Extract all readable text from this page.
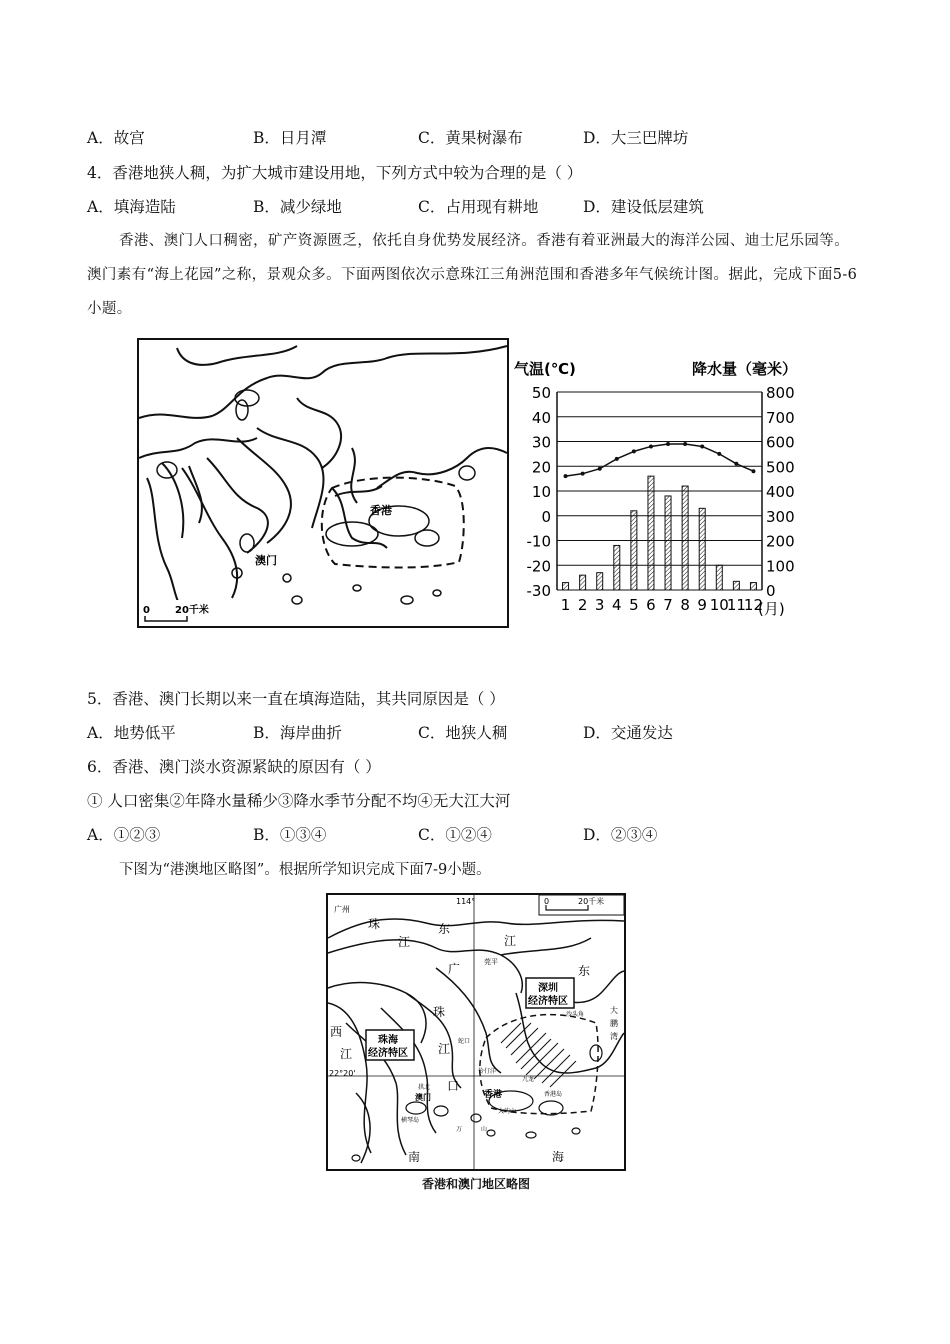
A．故宫	B．日月潭	C．黄果树瀑布	D．大三巴牌坊
4．香港地狭人稠，为扩大城市建设用地，下列方式中较为合理的是（ ）
A．填海造陆	B．减少绿地	C．占用现有耕地	D．建设低层建筑
香港、澳门人口稠密，矿产资源匮乏，依托自身优势发展经济。香港有着亚洲最大的海洋公园、迪士尼乐园等。澳门素有“海上花园”之称，景观众多。下面两图依次示意珠江三角洲范围和香港多年气候统计图。据此，完成下面5-6小题。
香港
澳门
0	20千米
气温(℃)	降水量（毫米）
50	800
40	700
30	600
20	500
10	400
0	300
-10	200
-20	100
-30	0
1 2 3 4 5 6 7 8 9 10
11
12
(月)
5．香港、澳门长期以来一直在填海造陆，其共同原因是（ ）
A．地势低平	B．海岸曲折	C．地狭人稠	D．交通发达
6．香港、澳门淡水资源紧缺的原因有（ ）
① 人口密集②年降水量稀少③降水季节分配不均④无大江大河
A．①②③	B．①③④	C．①②④	D．②③④
下图为“港澳地区略图”。根据所学知识完成下面7-9小题。
深圳
经济特区
珠海
经济特区
广州
莞平
114°
22°20'
香港
澳门
珠
江
东
江
广	东
珠
江
口
西
江
南	海
大
鹏
湾
沙头角
蛇口
九龙
伶仃洋
横琴岛
万	山
大屿山
香港岛
拱北
0	20千米
香港和澳门地区略图
